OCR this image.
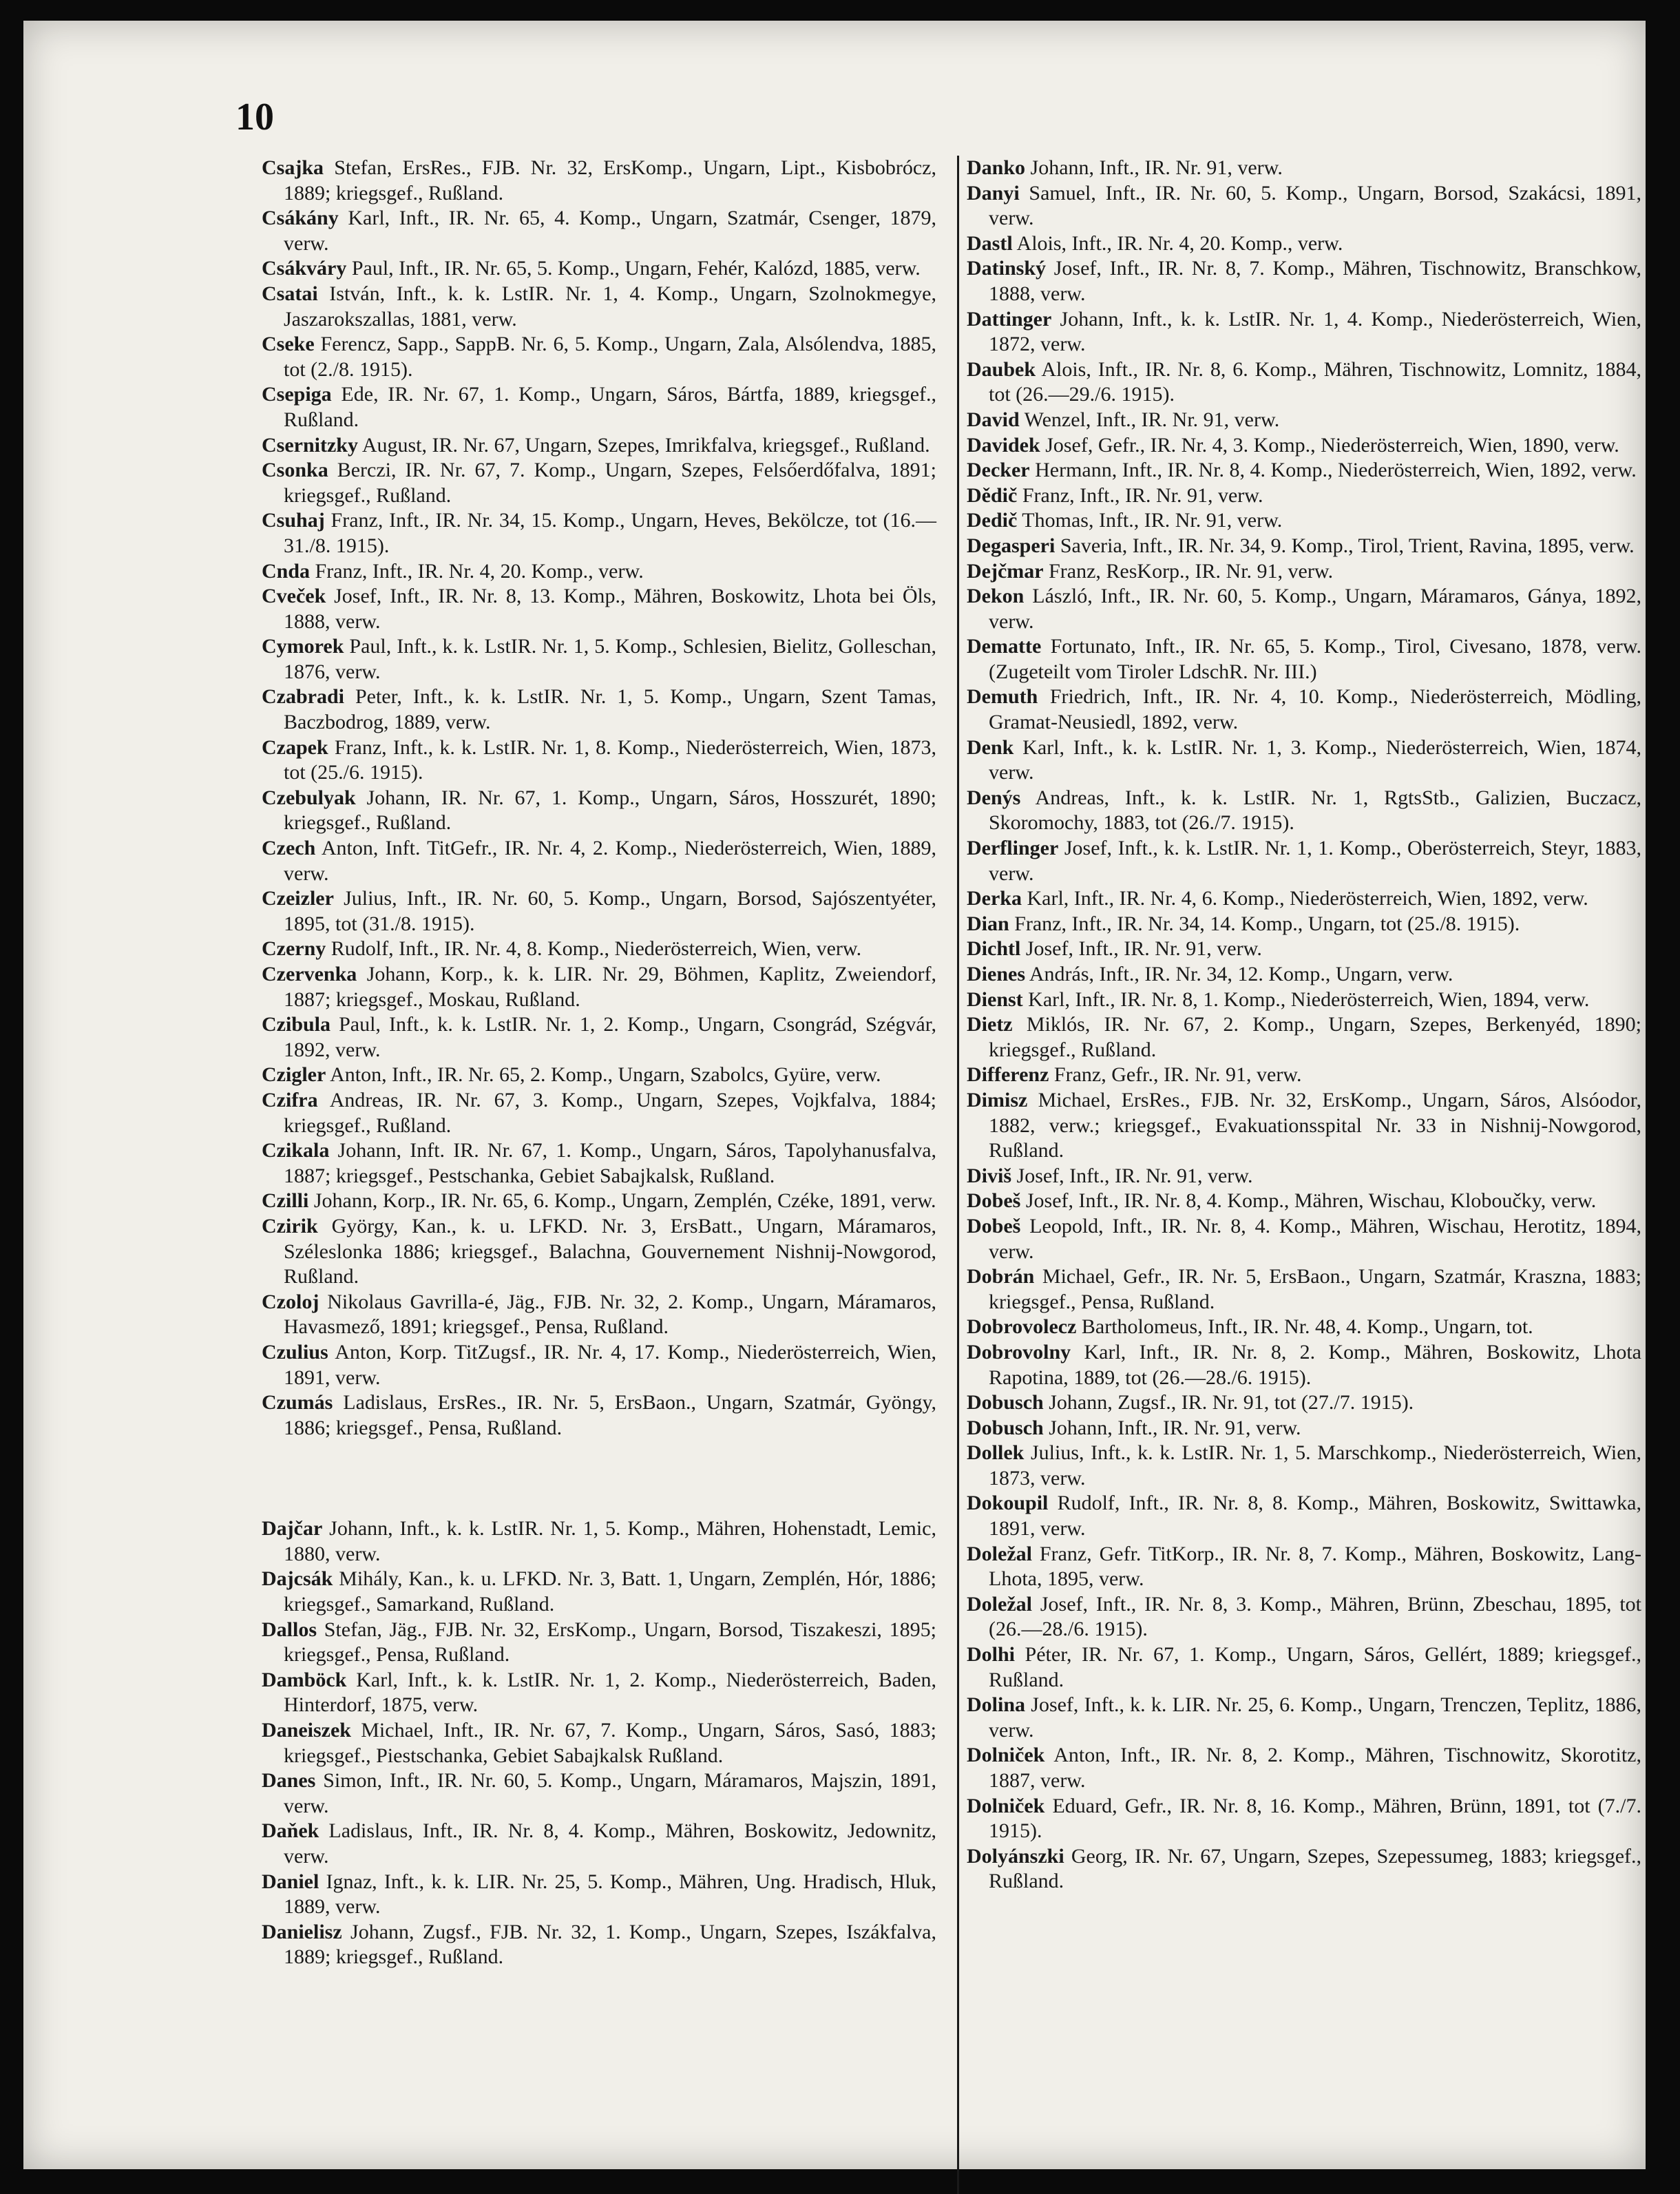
10

Csajka Stefan, ErsRes., FJB. Nr. 32, ErsKomp., Ungarn, Lipt., Kisbobrócz, 1889; kriegsgef., Rußland.

Csákány Karl, Inft., IR. Nr. 65, 4. Komp., Ungarn, Szatmár, Csenger, 1879, verw.

Csákváry Paul, Inft., IR. Nr. 65, 5. Komp., Ungarn, Fehér, Kalózd, 1885, verw.

Csatai István, Inft., k. k. LstIR. Nr. 1, 4. Komp., Ungarn, Szolnokmegye, Jaszarokszallas, 1881, verw.

Cseke Ferencz, Sapp., SappB. Nr. 6, 5. Komp., Ungarn, Zala, Alsólendva, 1885, tot (2./8. 1915).

Csepiga Ede, IR. Nr. 67, 1. Komp., Ungarn, Sáros, Bártfa, 1889, kriegsgef., Rußland.

Csernitzky August, IR. Nr. 67, Ungarn, Szepes, Imrikfalva, kriegsgef., Rußland.

Csonka Berczi, IR. Nr. 67, 7. Komp., Ungarn, Szepes, Felsőerdőfalva, 1891; kriegsgef., Rußland.

Csuhaj Franz, Inft., IR. Nr. 34, 15. Komp., Ungarn, Heves, Bekölcze, tot (16.—31./8. 1915).

Cnda Franz, Inft., IR. Nr. 4, 20. Komp., verw.

Cveček Josef, Inft., IR. Nr. 8, 13. Komp., Mähren, Boskowitz, Lhota bei Öls, 1888, verw.

Cymorek Paul, Inft., k. k. LstIR. Nr. 1, 5. Komp., Schlesien, Bielitz, Golleschan, 1876, verw.

Czabradi Peter, Inft., k. k. LstIR. Nr. 1, 5. Komp., Ungarn, Szent Tamas, Baczbodrog, 1889, verw.

Czapek Franz, Inft., k. k. LstIR. Nr. 1, 8. Komp., Niederösterreich, Wien, 1873, tot (25./6. 1915).

Czebulyak Johann, IR. Nr. 67, 1. Komp., Ungarn, Sáros, Hosszurét, 1890; kriegsgef., Rußland.

Czech Anton, Inft. TitGefr., IR. Nr. 4, 2. Komp., Niederösterreich, Wien, 1889, verw.

Czeizler Julius, Inft., IR. Nr. 60, 5. Komp., Ungarn, Borsod, Sajószentyéter, 1895, tot (31./8. 1915).

Czerny Rudolf, Inft., IR. Nr. 4, 8. Komp., Niederösterreich, Wien, verw.

Czervenka Johann, Korp., k. k. LIR. Nr. 29, Böhmen, Kaplitz, Zweiendorf, 1887; kriegsgef., Moskau, Rußland.

Czibula Paul, Inft., k. k. LstIR. Nr. 1, 2. Komp., Ungarn, Csongrád, Szégvár, 1892, verw.

Czigler Anton, Inft., IR. Nr. 65, 2. Komp., Ungarn, Szabolcs, Gyüre, verw.

Czifra Andreas, IR. Nr. 67, 3. Komp., Ungarn, Szepes, Vojkfalva, 1884; kriegsgef., Rußland.

Czikala Johann, Inft. IR. Nr. 67, 1. Komp., Ungarn, Sáros, Tapolyhanusfalva, 1887; kriegsgef., Pestschanka, Gebiet Sabajkalsk, Rußland.

Czilli Johann, Korp., IR. Nr. 65, 6. Komp., Ungarn, Zemplén, Czéke, 1891, verw.

Czirik György, Kan., k. u. LFKD. Nr. 3, ErsBatt., Ungarn, Máramaros, Széleslonka 1886; kriegsgef., Balachna, Gouvernement Nishnij-Nowgorod, Rußland.

Czoloj Nikolaus Gavrilla-é, Jäg., FJB. Nr. 32, 2. Komp., Ungarn, Máramaros, Havasmező, 1891; kriegsgef., Pensa, Rußland.

Czulius Anton, Korp. TitZugsf., IR. Nr. 4, 17. Komp., Niederösterreich, Wien, 1891, verw.

Czumás Ladislaus, ErsRes., IR. Nr. 5, ErsBaon., Ungarn, Szatmár, Gyöngy, 1886; kriegsgef., Pensa, Rußland.

Dajčar Johann, Inft., k. k. LstIR. Nr. 1, 5. Komp., Mähren, Hohenstadt, Lemic, 1880, verw.

Dajcsák Mihály, Kan., k. u. LFKD. Nr. 3, Batt. 1, Ungarn, Zemplén, Hór, 1886; kriegsgef., Samarkand, Rußland.

Dallos Stefan, Jäg., FJB. Nr. 32, ErsKomp., Ungarn, Borsod, Tiszakeszi, 1895; kriegsgef., Pensa, Rußland.

Damböck Karl, Inft., k. k. LstIR. Nr. 1, 2. Komp., Niederösterreich, Baden, Hinterdorf, 1875, verw.

Daneiszek Michael, Inft., IR. Nr. 67, 7. Komp., Ungarn, Sáros, Sasó, 1883; kriegsgef., Piestschanka, Gebiet Sabajkalsk Rußland.

Danes Simon, Inft., IR. Nr. 60, 5. Komp., Ungarn, Máramaros, Majszin, 1891, verw.

Daňek Ladislaus, Inft., IR. Nr. 8, 4. Komp., Mähren, Boskowitz, Jedownitz, verw.

Daniel Ignaz, Inft., k. k. LIR. Nr. 25, 5. Komp., Mähren, Ung. Hradisch, Hluk, 1889, verw.

Danielisz Johann, Zugsf., FJB. Nr. 32, 1. Komp., Ungarn, Szepes, Iszákfalva, 1889; kriegsgef., Rußland.

Danko Johann, Inft., IR. Nr. 91, verw.

Danyi Samuel, Inft., IR. Nr. 60, 5. Komp., Ungarn, Borsod, Szakácsi, 1891, verw.

Dastl Alois, Inft., IR. Nr. 4, 20. Komp., verw.

Datinský Josef, Inft., IR. Nr. 8, 7. Komp., Mähren, Tischnowitz, Branschkow, 1888, verw.

Dattinger Johann, Inft., k. k. LstIR. Nr. 1, 4. Komp., Niederösterreich, Wien, 1872, verw.

Daubek Alois, Inft., IR. Nr. 8, 6. Komp., Mähren, Tischnowitz, Lomnitz, 1884, tot (26.—29./6. 1915).

David Wenzel, Inft., IR. Nr. 91, verw.

Davidek Josef, Gefr., IR. Nr. 4, 3. Komp., Niederösterreich, Wien, 1890, verw.

Decker Hermann, Inft., IR. Nr. 8, 4. Komp., Niederösterreich, Wien, 1892, verw.

Dědič Franz, Inft., IR. Nr. 91, verw.

Dedič Thomas, Inft., IR. Nr. 91, verw.

Degasperi Saveria, Inft., IR. Nr. 34, 9. Komp., Tirol, Trient, Ravina, 1895, verw.

Dejčmar Franz, ResKorp., IR. Nr. 91, verw.

Dekon László, Inft., IR. Nr. 60, 5. Komp., Ungarn, Máramaros, Gánya, 1892, verw.

Dematte Fortunato, Inft., IR. Nr. 65, 5. Komp., Tirol, Civesano, 1878, verw. (Zugeteilt vom Tiroler LdschR. Nr. III.)

Demuth Friedrich, Inft., IR. Nr. 4, 10. Komp., Niederösterreich, Mödling, Gramat-Neusiedl, 1892, verw.

Denk Karl, Inft., k. k. LstIR. Nr. 1, 3. Komp., Niederösterreich, Wien, 1874, verw.

Denýs Andreas, Inft., k. k. LstIR. Nr. 1, RgtsStb., Galizien, Buczacz, Skoromochy, 1883, tot (26./7. 1915).

Derflinger Josef, Inft., k. k. LstIR. Nr. 1, 1. Komp., Oberösterreich, Steyr, 1883, verw.

Derka Karl, Inft., IR. Nr. 4, 6. Komp., Niederösterreich, Wien, 1892, verw.

Dian Franz, Inft., IR. Nr. 34, 14. Komp., Ungarn, tot (25./8. 1915).

Dichtl Josef, Inft., IR. Nr. 91, verw.

Dienes András, Inft., IR. Nr. 34, 12. Komp., Ungarn, verw.

Dienst Karl, Inft., IR. Nr. 8, 1. Komp., Niederösterreich, Wien, 1894, verw.

Dietz Miklós, IR. Nr. 67, 2. Komp., Ungarn, Szepes, Berkenyéd, 1890; kriegsgef., Rußland.

Differenz Franz, Gefr., IR. Nr. 91, verw.

Dimisz Michael, ErsRes., FJB. Nr. 32, ErsKomp., Ungarn, Sáros, Alsóodor, 1882, verw.; kriegsgef., Evakuationsspital Nr. 33 in Nishnij-Nowgorod, Rußland.

Diviš Josef, Inft., IR. Nr. 91, verw.

Dobeš Josef, Inft., IR. Nr. 8, 4. Komp., Mähren, Wischau, Kloboučky, verw.

Dobeš Leopold, Inft., IR. Nr. 8, 4. Komp., Mähren, Wischau, Herotitz, 1894, verw.

Dobrán Michael, Gefr., IR. Nr. 5, ErsBaon., Ungarn, Szatmár, Kraszna, 1883; kriegsgef., Pensa, Rußland.

Dobrovolecz Bartholomeus, Inft., IR. Nr. 48, 4. Komp., Ungarn, tot.

Dobrovolny Karl, Inft., IR. Nr. 8, 2. Komp., Mähren, Boskowitz, Lhota Rapotina, 1889, tot (26.—28./6. 1915).

Dobusch Johann, Zugsf., IR. Nr. 91, tot (27./7. 1915).

Dobusch Johann, Inft., IR. Nr. 91, verw.

Dollek Julius, Inft., k. k. LstIR. Nr. 1, 5. Marschkomp., Niederösterreich, Wien, 1873, verw.

Dokoupil Rudolf, Inft., IR. Nr. 8, 8. Komp., Mähren, Boskowitz, Swittawka, 1891, verw.

Doležal Franz, Gefr. TitKorp., IR. Nr. 8, 7. Komp., Mähren, Boskowitz, Lang-Lhota, 1895, verw.

Doležal Josef, Inft., IR. Nr. 8, 3. Komp., Mähren, Brünn, Zbeschau, 1895, tot (26.—28./6. 1915).

Dolhi Péter, IR. Nr. 67, 1. Komp., Ungarn, Sáros, Gellért, 1889; kriegsgef., Rußland.

Dolina Josef, Inft., k. k. LIR. Nr. 25, 6. Komp., Ungarn, Trenczen, Teplitz, 1886, verw.

Dolniček Anton, Inft., IR. Nr. 8, 2. Komp., Mähren, Tischnowitz, Skorotitz, 1887, verw.

Dolniček Eduard, Gefr., IR. Nr. 8, 16. Komp., Mähren, Brünn, 1891, tot (7./7. 1915).

Dolyánszki Georg, IR. Nr. 67, Ungarn, Szepes, Szepessumeg, 1883; kriegsgef., Rußland.
